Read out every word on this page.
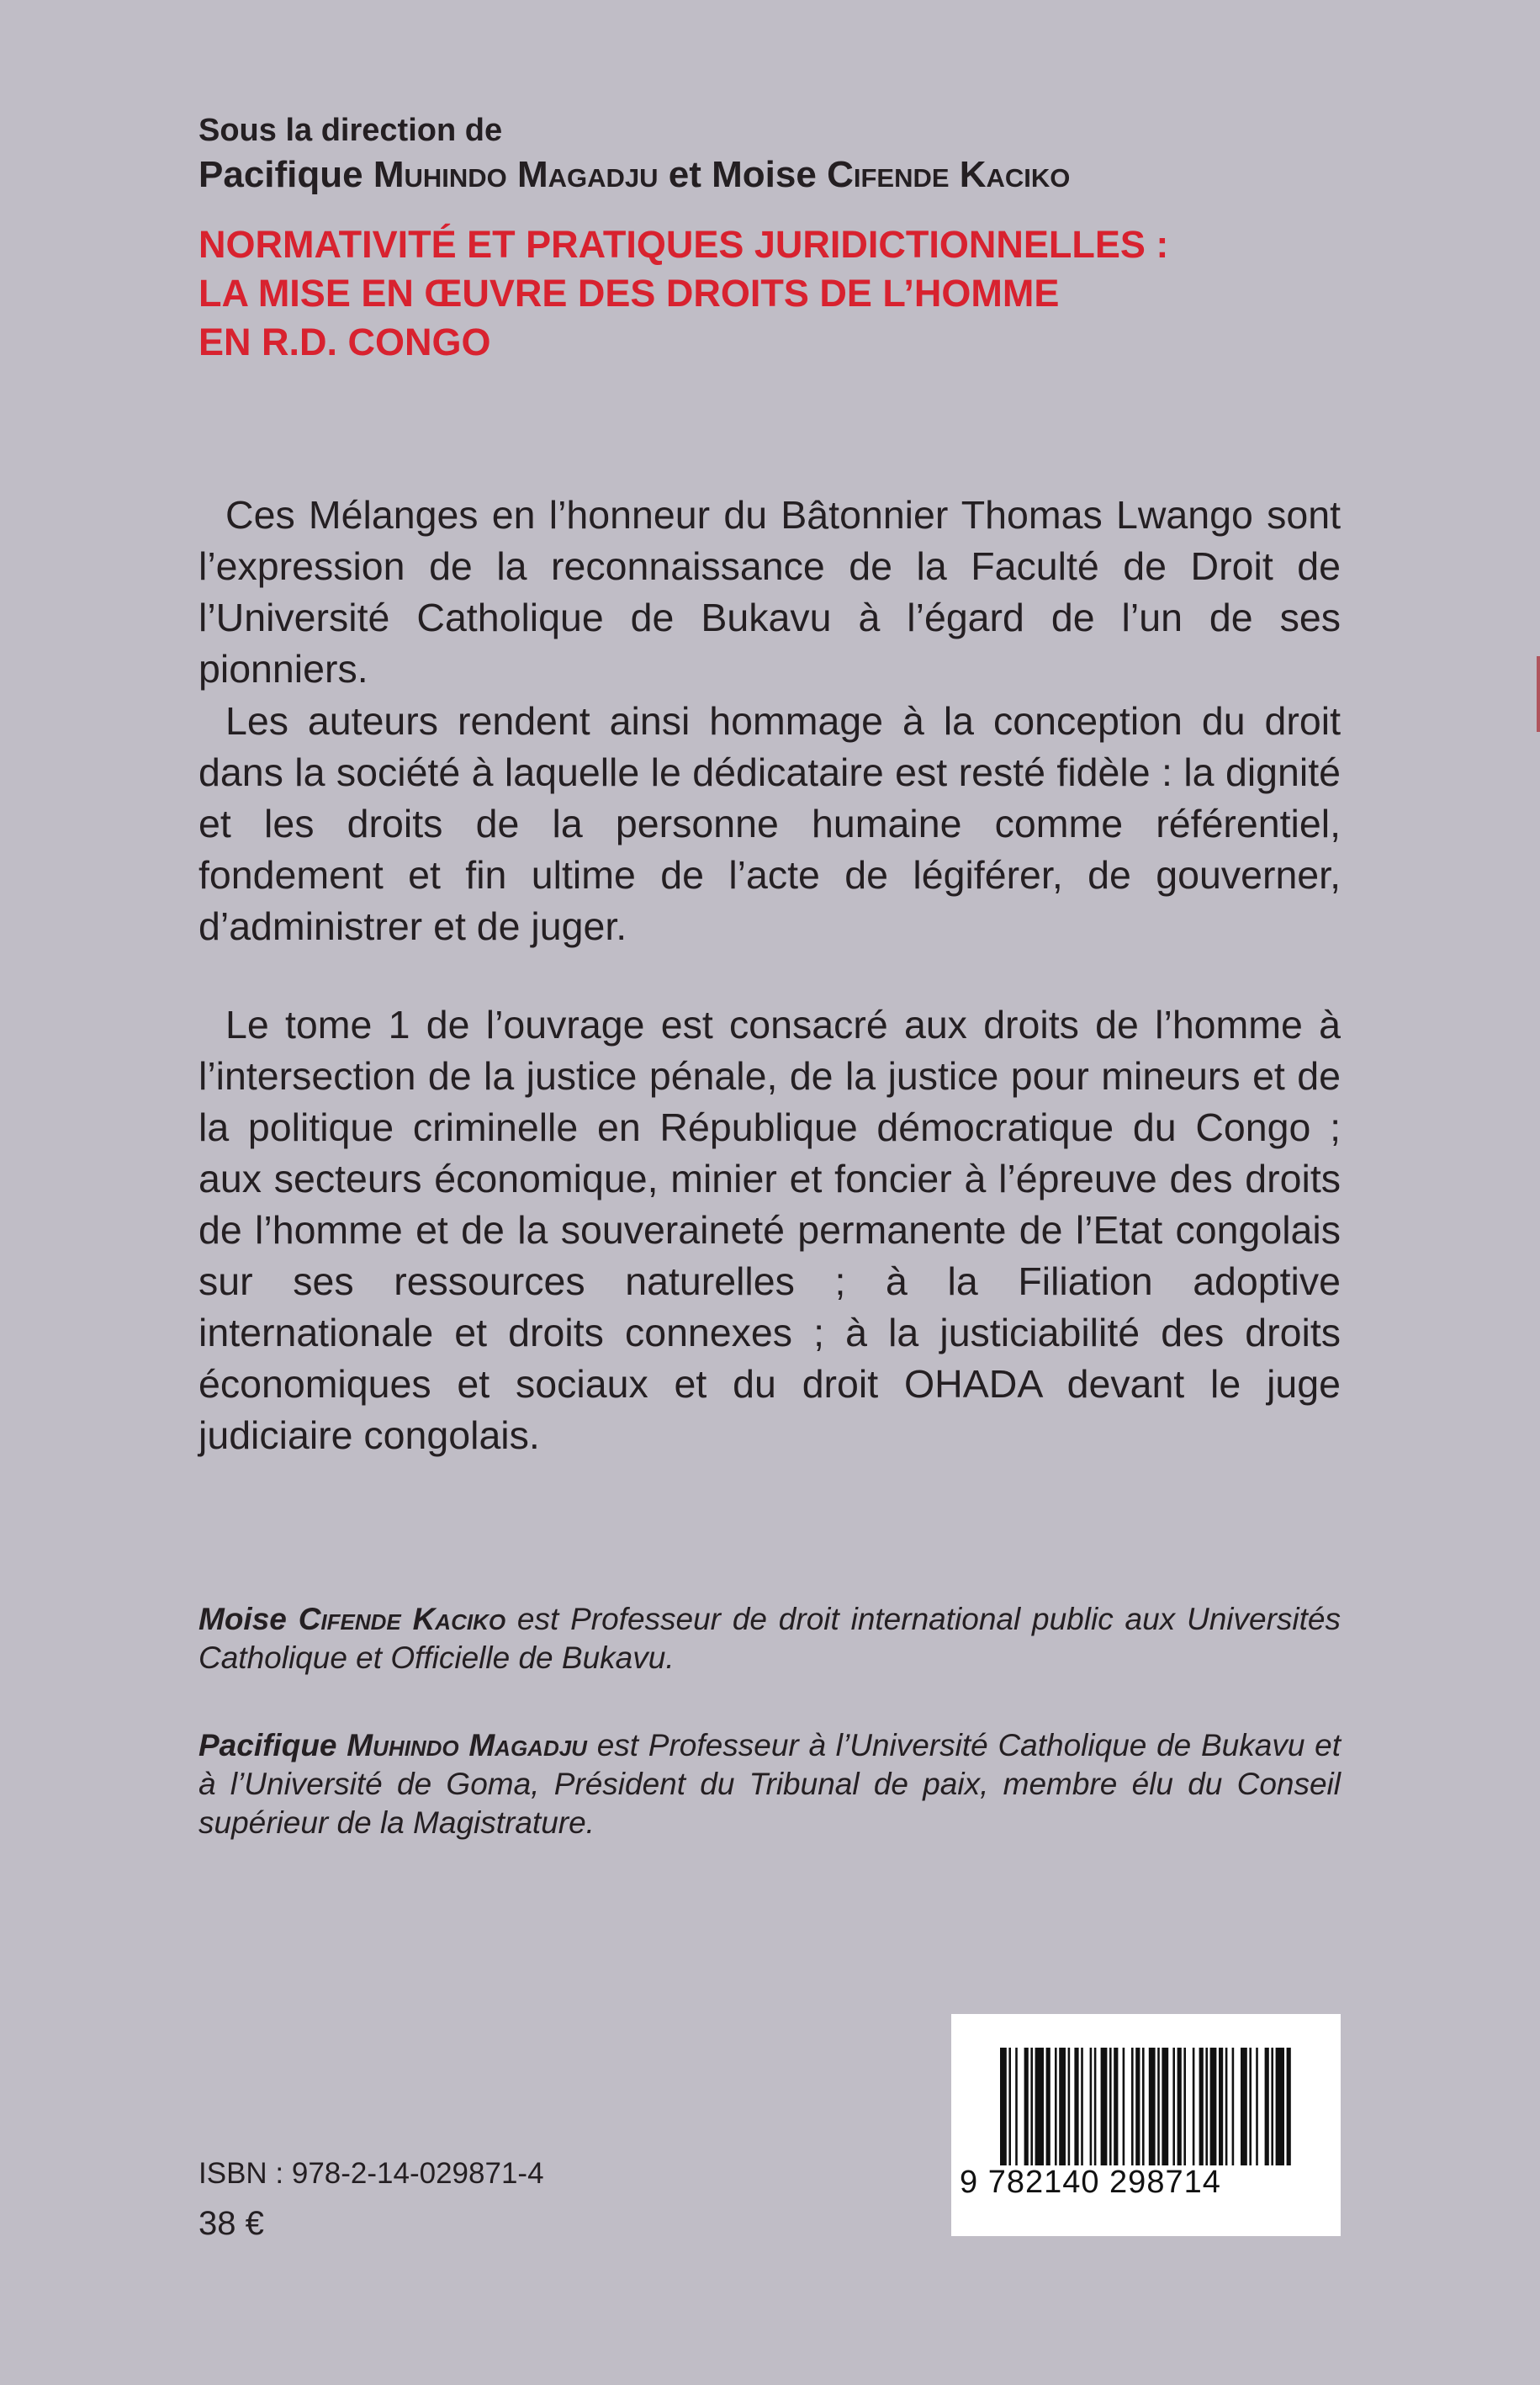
Sous la direction de

Pacifique Muhindo Magadju et Moise Cifende Kaciko

NORMATIVITÉ ET PRATIQUES JURIDICTIONNELLES :
LA MISE EN ŒUVRE DES DROITS DE L’HOMME
EN R.D. CONGO

Ces Mélanges en l’honneur du Bâtonnier Thomas Lwango sont l’expression de la reconnaissance de la Faculté de Droit de l’Université Catholique de Bukavu à l’égard de l’un de ses pionniers.

Les auteurs rendent ainsi hommage à la conception du droit dans la société à laquelle le dédicataire est resté fidèle : la dignité et les droits de la personne humaine comme référentiel, fondement et fin ultime de l’acte de légiférer, de gouverner, d’administrer et de juger.

Le tome 1 de l’ouvrage est consacré aux droits de l’homme à l’intersection de la justice pénale, de la justice pour mineurs et de la politique criminelle en République démocratique du Congo ; aux secteurs économique, minier et foncier à l’épreuve des droits de l’homme et de la souveraineté permanente de l’Etat congolais sur ses ressources naturelles ; à la Filiation adoptive internationale et droits connexes ; à la justiciabilité des droits économiques et sociaux et du droit OHADA devant le juge judiciaire congolais.

Moise Cifende Kaciko est Professeur de droit international public aux Universités Catholique et Officielle de Bukavu.

Pacifique Muhindo Magadju est Professeur à l’Université Catholique de Bukavu et à l’Université de Goma, Président du Tribunal de paix, membre élu du Conseil supérieur de la Magistrature.

ISBN : 978-2-14-029871-4

38 €

9 782140 298714
